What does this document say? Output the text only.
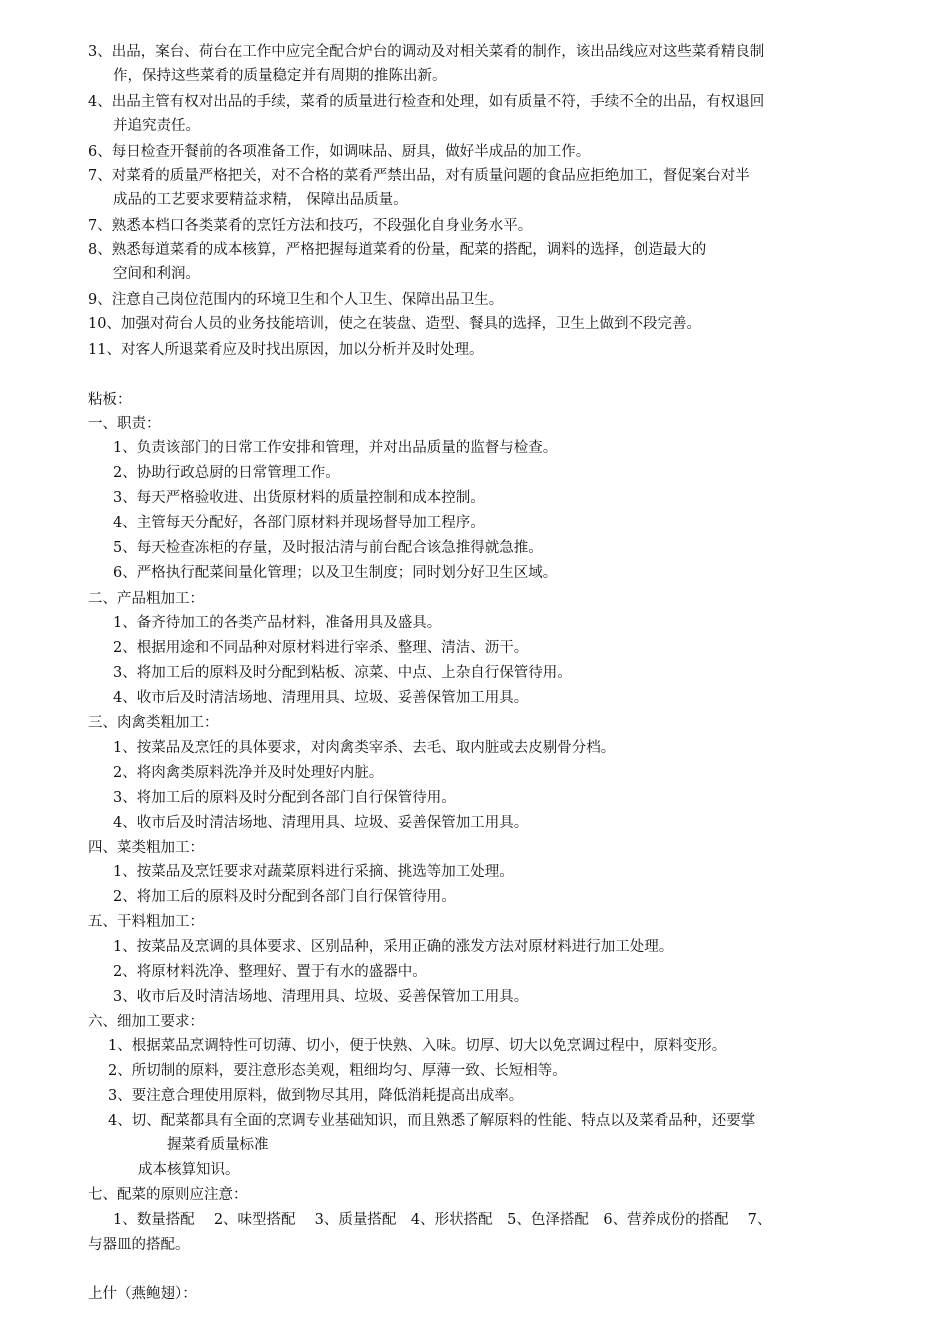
3、出品，案台、荷台在工作中应完全配合炉台的调动及对相关菜肴的制作，该出品线应对这些菜肴精良制
作，保持这些菜肴的质量稳定并有周期的推陈出新。
4、出品主管有权对出品的手续，菜肴的质量进行检查和处理，如有质量不符，手续不全的出品，有权退回
并追究责任。
6、每日检查开餐前的各项准备工作，如调味品、厨具，做好半成品的加工作。
7、对菜肴的质量严格把关，对不合格的菜肴严禁出品，对有质量问题的食品应拒绝加工，督促案台对半
成品的工艺要求要精益求精， 保障出品质量。
7、熟悉本档口各类菜肴的烹饪方法和技巧，不段强化自身业务水平。
8、熟悉每道菜肴的成本核算，严格把握每道菜肴的份量，配菜的搭配，调料的选择，创造最大的
空间和利润。
9、注意自己岗位范围内的环境卫生和个人卫生、保障出品卫生。
10、加强对荷台人员的业务技能培训，使之在装盘、造型、餐具的选择，卫生上做到不段完善。
11、对客人所退菜肴应及时找出原因，加以分析并及时处理。
粘板：
一、职责：
1、负责该部门的日常工作安排和管理，并对出品质量的监督与检查。
2、协助行政总厨的日常管理工作。
3、每天严格验收进、出货原材料的质量控制和成本控制。
4、主管每天分配好，各部门原材料并现场督导加工程序。
5、每天检查冻柜的存量，及时报沽清与前台配合该急推得就急推。
6、严格执行配菜间量化管理；以及卫生制度；同时划分好卫生区域。
二、产品粗加工：
1、备齐待加工的各类产品材料，准备用具及盛具。
2、根据用途和不同品种对原材料进行宰杀、整理、清洁、沥干。
3、将加工后的原料及时分配到粘板、凉菜、中点、上杂自行保管待用。
4、收市后及时清洁场地、清理用具、垃圾、妥善保管加工用具。
三、肉禽类粗加工：
1、按菜品及烹饪的具体要求，对肉禽类宰杀、去毛、取内脏或去皮剔骨分档。
2、将肉禽类原料洗净并及时处理好内脏。
3、将加工后的原料及时分配到各部门自行保管待用。
4、收市后及时清洁场地、清理用具、垃圾、妥善保管加工用具。
四、菜类粗加工：
1、按菜品及烹饪要求对蔬菜原料进行采摘、挑选等加工处理。
2、将加工后的原料及时分配到各部门自行保管待用。
五、干料粗加工：
1、按菜品及烹调的具体要求、区别品种，采用正确的涨发方法对原材料进行加工处理。
2、将原材料洗净、整理好、置于有水的盛器中。
3、收市后及时清洁场地、清理用具、垃圾、妥善保管加工用具。
六、细加工要求：
1、根据菜品烹调特性可切薄、切小，便于快熟、入味。切厚、切大以免烹调过程中，原料变形。
2、所切制的原料，要注意形态美观，粗细均匀、厚薄一致、长短相等。
3、要注意合理使用原料，做到物尽其用，降低消耗提高出成率。
4、切、配菜都具有全面的烹调专业基础知识，而且熟悉了解原料的性能、特点以及菜肴品种，还要掌
握菜肴质量标准
成本核算知识。
七、配菜的原则应注意：
1、数量搭配　 2、味型搭配　 3、质量搭配　4、形状搭配　5、色泽搭配　6、营养成份的搭配　 7、
与器皿的搭配。
上什（燕鲍翅）：
